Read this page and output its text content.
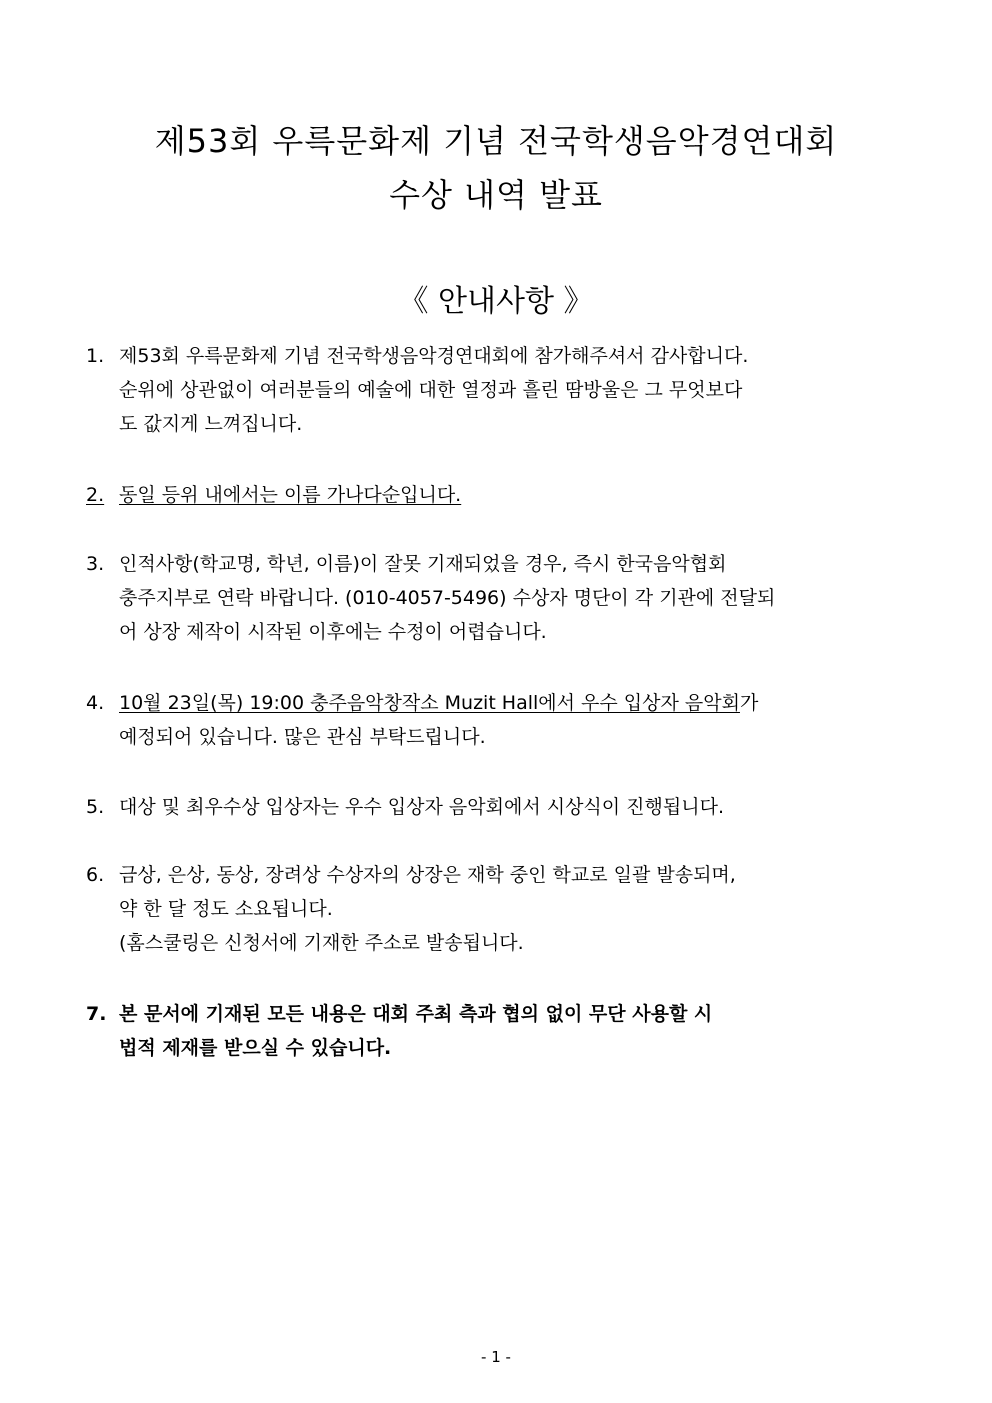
제53회 우륵문화제 기념 전국학생음악경연대회
수상 내역 발표
《 안내사항 》
1. 제53회 우륵문화제 기념 전국학생음악경연대회에 참가해주셔서 감사합니다.
순위에 상관없이 여러분들의 예술에 대한 열정과 흘린 땀방울은 그 무엇보다
도 값지게 느껴집니다.
2. 동일 등위 내에서는 이름 가나다순입니다.
3. 인적사항(학교명, 학년, 이름)이 잘못 기재되었을 경우, 즉시 한국음악협회
충주지부로 연락 바랍니다. (010-4057-5496) 수상자 명단이 각 기관에 전달되
어 상장 제작이 시작된 이후에는 수정이 어렵습니다.
4. 10월 23일(목) 19:00 충주음악창작소 Muzit Hall에서 우수 입상자 음악회가
예정되어 있습니다. 많은 관심 부탁드립니다.
5. 대상 및 최우수상 입상자는 우수 입상자 음악회에서 시상식이 진행됩니다.
6. 금상, 은상, 동상, 장려상 수상자의 상장은 재학 중인 학교로 일괄 발송되며,
약 한 달 정도 소요됩니다.
(홈스쿨링은 신청서에 기재한 주소로 발송됩니다.
7. 본 문서에 기재된 모든 내용은 대회 주최 측과 협의 없이 무단 사용할 시
법적 제재를 받으실 수 있습니다.
- 1 -
